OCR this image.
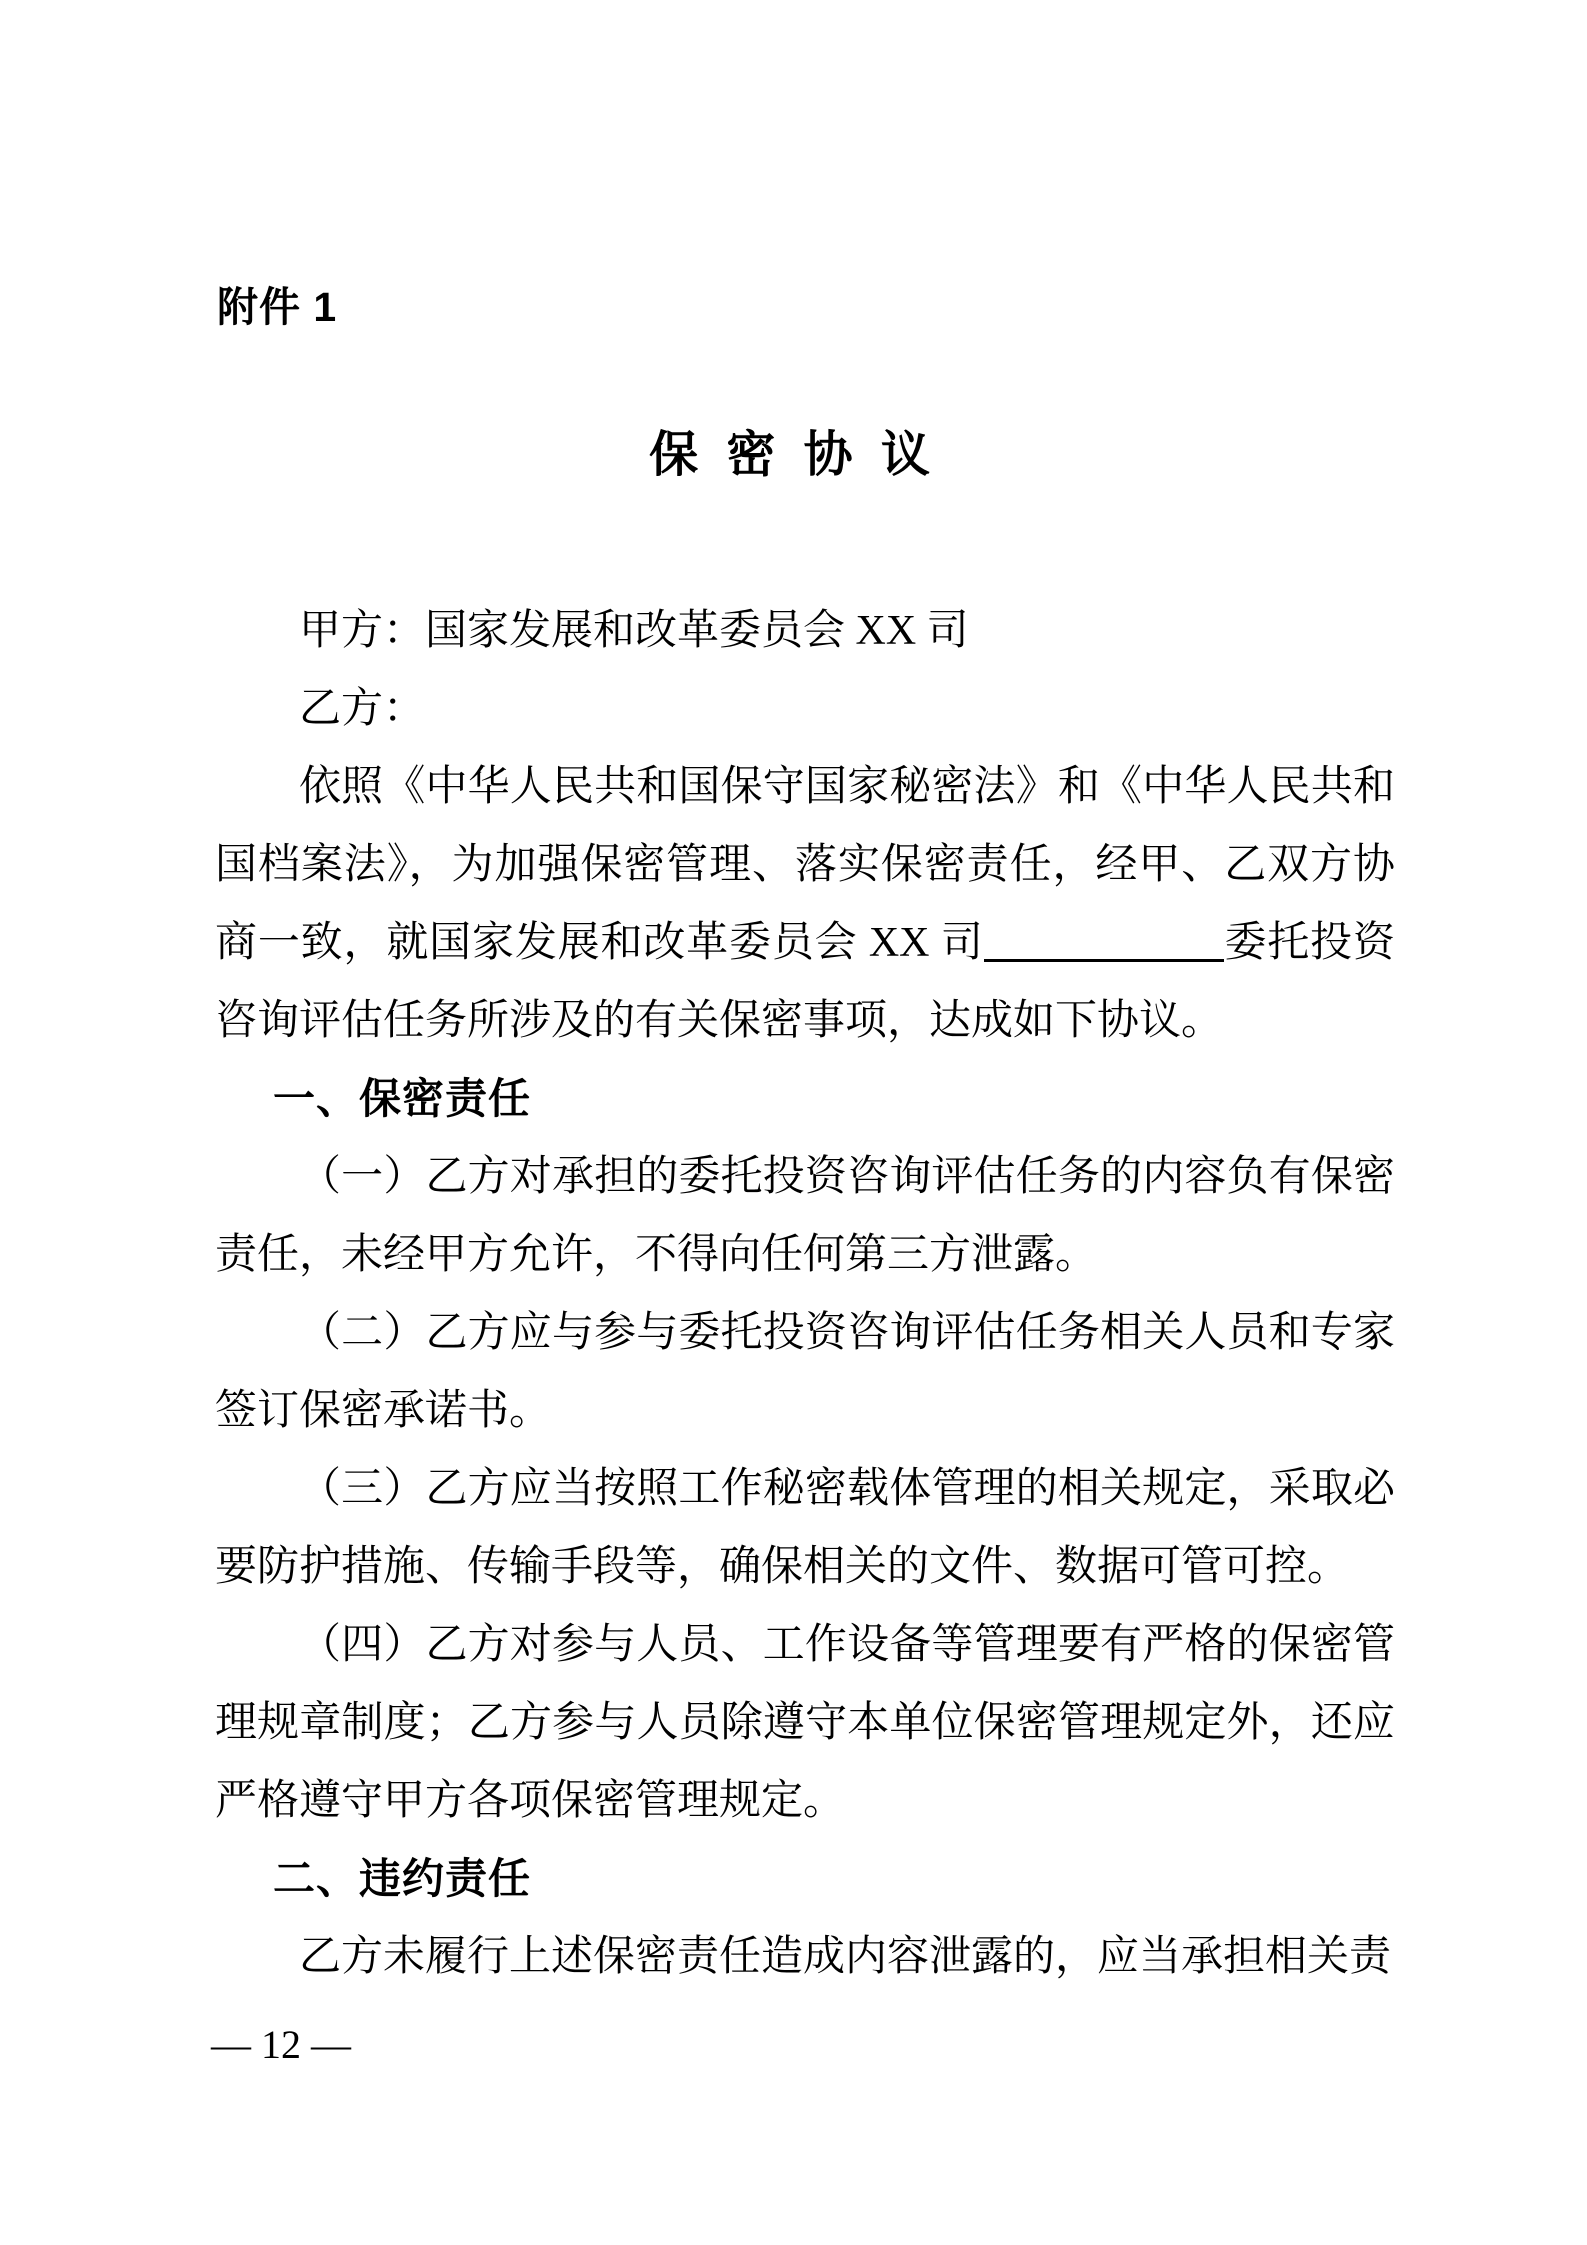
附件 1
保 密 协 议

甲方：国家发展和改革委员会 XX 司

乙方：

依照《中华人民共和国保守国家秘密法》和《中华人民共和国档案法》，为加强保密管理、落实保密责任，经甲、乙双方协商一致，就国家发展和改革委员会 XX 司	委托投资咨询评估任务所涉及的有关保密事项，达成如下协议。

一、保密责任

（一）乙方对承担的委托投资咨询评估任务的内容负有保密责任，未经甲方允许，不得向任何第三方泄露。

（二）乙方应与参与委托投资咨询评估任务相关人员和专家签订保密承诺书。

（三）乙方应当按照工作秘密载体管理的相关规定，采取必要防护措施、传输手段等，确保相关的文件、数据可管可控。

（四）乙方对参与人员、工作设备等管理要有严格的保密管理规章制度；乙方参与人员除遵守本单位保密管理规定外，还应严格遵守甲方各项保密管理规定。

二、违约责任

乙方未履行上述保密责任造成内容泄露的，应当承担相关责

— 12 —
